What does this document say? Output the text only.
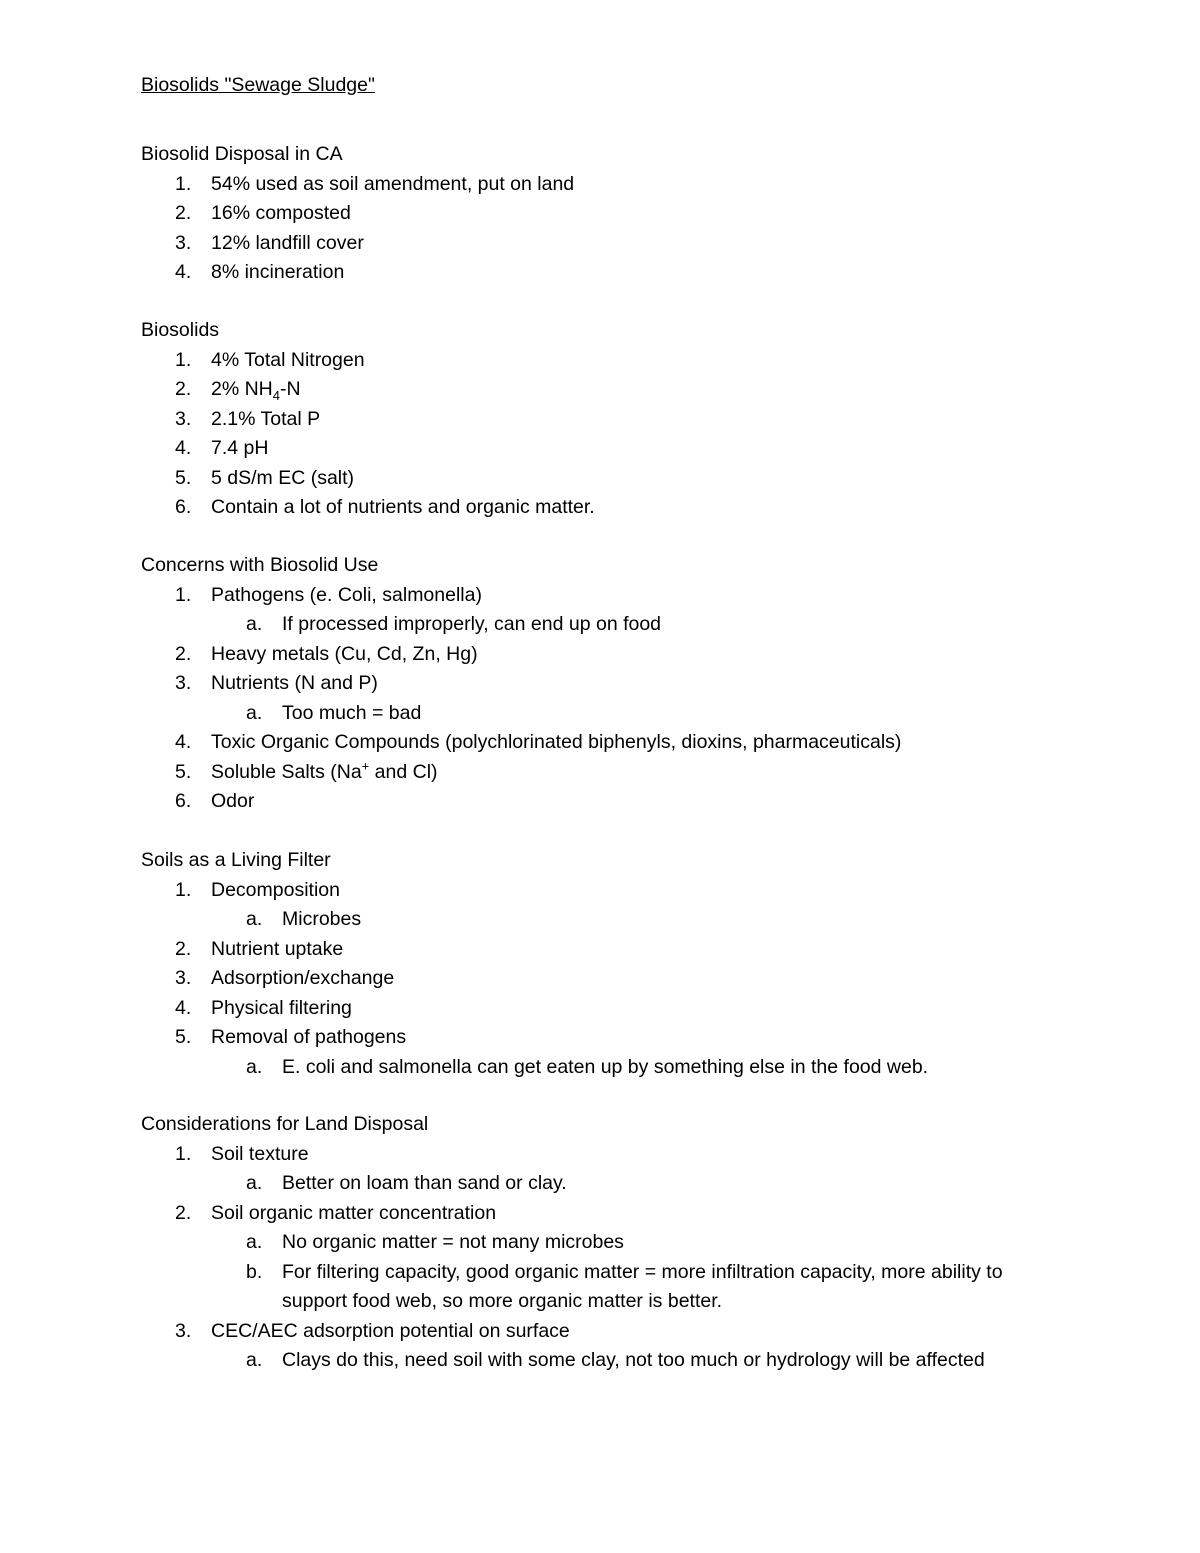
Biosolids "Sewage Sludge"
Biosolid Disposal in CA
1.	54% used as soil amendment, put on land
2.	16% composted
3.	12% landfill cover
4.	8% incineration
Biosolids
1.	4% Total Nitrogen
2.	2% $NH_4-N$
3.	2.1% Total P
4.	7.4 pH
5.	5 dS/m EC (salt)
6.	Contain a lot of nutrients and organic matter.
Concerns with Biosolid Use
1.	Pathogens (e. Coli, salmonella)
a.	If processed improperly, can end up on food
2.	Heavy metals (Cu, Cd, Zn, Hg)
3.	Nutrients (N and P)
a.	Too much = bad
4.	Toxic Organic Compounds (polychlorinated biphenyls, dioxins, pharmaceuticals)
5.	Soluble Salts (Na+ and Cl)
6.	Odor
Soils as a Living Filter
1.	Decomposition
a.	Microbes
2.	Nutrient uptake
3.	Adsorption/exchange
4.	Physical filtering
5.	Removal of pathogens
a.	E. coli and salmonella can get eaten up by something else in the food web.
Considerations for Land Disposal
1.	Soil texture
a.	Better on loam than sand or clay.
2.	Soil organic matter concentration
a.	No organic matter = not many microbes
b.	For filtering capacity, good organic matter = more infiltration capacity, more ability to support food web, so more organic matter is better.
3.	CEC/AEC adsorption potential on surface
a.	Clays do this, need soil with some clay, not too much or hydrology will be affected
